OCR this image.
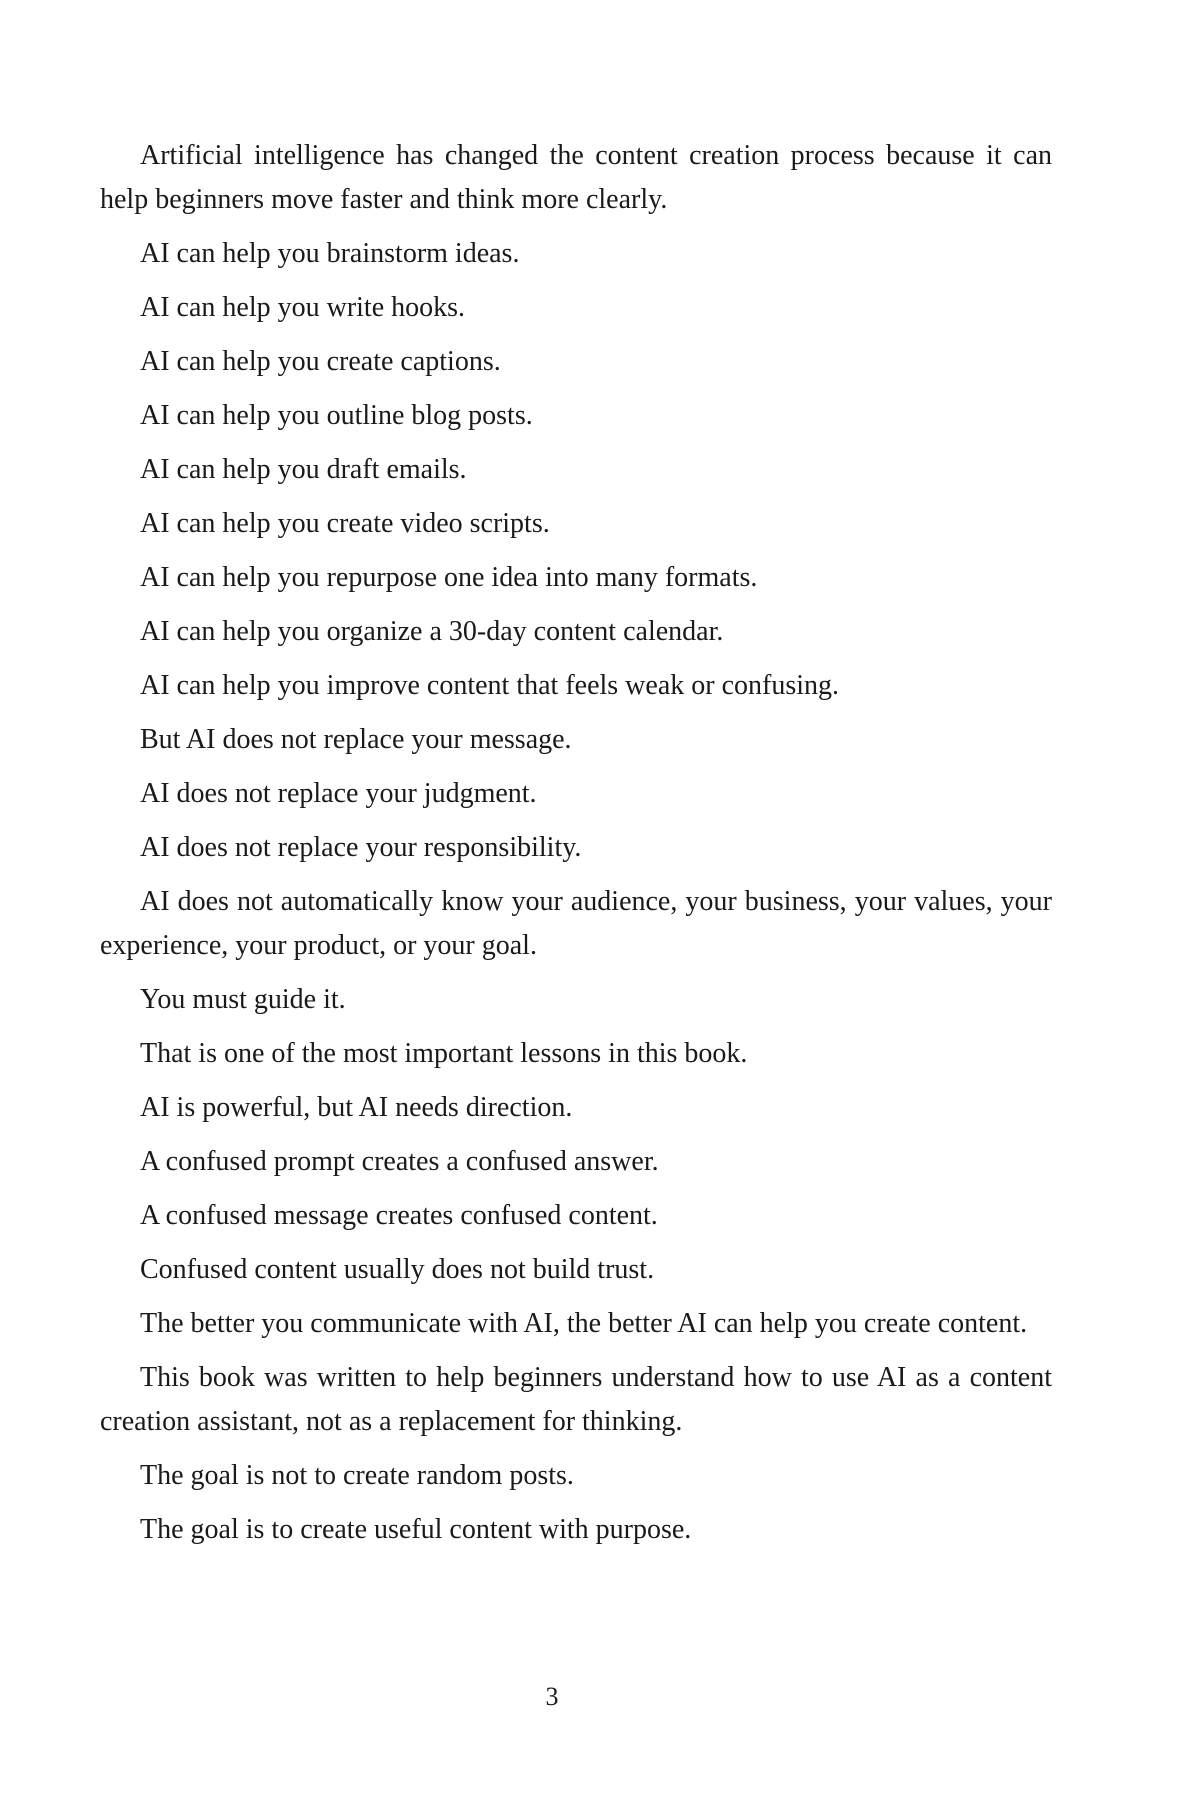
Artificial intelligence has changed the content creation process because it can help beginners move faster and think more clearly.

AI can help you brainstorm ideas.

AI can help you write hooks.

AI can help you create captions.

AI can help you outline blog posts.

AI can help you draft emails.

AI can help you create video scripts.

AI can help you repurpose one idea into many formats.

AI can help you organize a 30-day content calendar.

AI can help you improve content that feels weak or confusing.

But AI does not replace your message.

AI does not replace your judgment.

AI does not replace your responsibility.

AI does not automatically know your audience, your business, your values, your experience, your product, or your goal.

You must guide it.

That is one of the most important lessons in this book.

AI is powerful, but AI needs direction.

A confused prompt creates a confused answer.

A confused message creates confused content.

Confused content usually does not build trust.

The better you communicate with AI, the better AI can help you create content.

This book was written to help beginners understand how to use AI as a content creation assistant, not as a replacement for thinking.

The goal is not to create random posts.

The goal is to create useful content with purpose.

3
